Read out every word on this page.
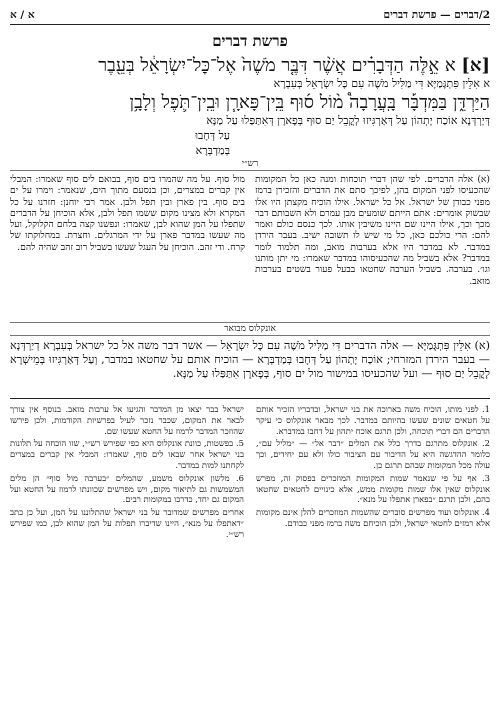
2/דברים — פרשת דברים
א / א
פרשת דברים
[א] א אֵ֣לֶּה הַדְּבָרִ֗ים אֲשֶׁ֨ר דִּבֶּ֤ר מֹשֶׁה֙ אֶל־כׇּל־יִשְׂרָאֵ֔ל בְּעֵ֖בֶר
א אִלֵּין פִּתְגָּמַיָּא דִּי מַלִּיל מֹשֶׁה עִם כָּל יִשְׂרָאֵל בְּעִבְרָא
הַיַּרְדֵּ֑ן בַּמִּדְבָּ֡ר בָּֽעֲרָבָה֩ מ֨וֹל ס֜וּף בֵּֽין־פָּארָ֧ן וּבֵֽין־תֹּ֛פֶל וְלָבָ֥ן
דְּיַרְדְּנָא אוֹכַח יָתְהוֹן עַל דְּאַרְגִּיזוּ לְקֳבֵל יַם סוּף בְּפָארָן דְּאִתַּפַּלוּ עַל מַנָּא
עַל דְּחָבוּ
בְּמַדְבְּרָא
רש״י
(א) אלה הדברים. לפי שהן דברי תוכחות ומנה כאן כל המקומות שהכעיסו לפני המקום בהן, לפיכך סתם את הדברים והזכירן ברמז מפני כבודן של ישראל. אל כל ישראל. אילו הוכיח מקצתן היו אלו שבשוק אומרים: אתם הייתם שומעים מבן עמרם ולא השבותם דבר מכך וכך, אילו היינו שם היינו משיבין אותו. לכך כנסם כולם ואמר להם: הרי כולכם כאן, כל מי שיש לו תשובה ישיב. בעבר הירדן במדבר. לא במדבר היו אלא בערבות מואב, ומה תלמוד לומר במדבר? אלא בשביל מה שהכעיסוהו במדבר שאמרו: מי יתן מותנו וגו׳. בערבה. בשביל הערבה שחטאו בבעל פעור בשטים בערבות מואב.
מול סוף. על מה שהמרו בים סוף, בבואם לים סוף שאמרו: המבלי אין קברים במצרים, וכן בנסעם מתוך הים, שנאמר: וימרו על ים בים סוף. בין פארן ובין תפל ולבן. אמר רבי יוחנן: חזרנו על כל המקרא ולא מצינו מקום ששמו תפל ולבן, אלא הוכיחן על הדברים שתפלו על המן שהוא לבן, שאמרו: ונפשנו קצה בלחם הקלוקל, ועל מה שעשו במדבר פארן על ידי המרגלים. וחצרת. במחלוקתו של קרח. ודי זהב. הוכיחן על העגל שעשו בשביל רוב זהב שהיה להם.
אונקלוס מבואר
(א) אִלֵּין פִּתְגָּמַיָּא — אלה הדברים דִּי מַלִּיל מֹשֶׁה עִם כָּל יִשְׂרָאֵל — אשר דבר משה אל כל ישראל בְּעִבְרָא דְיַרְדְּנָא — בעבר הירדן המזרחי; אוֹכַח יָתְהוֹן עַל דְּחָבוּ בְּמַדְבְּרָא — הוכיח אותם על שחטאו במדבר, וְעַל דְּאַרְגִּיזוּ בְּמֵישְׁרָא לָקֳבֵל יַם סוּף — ועל שהכעיסו במישור מול ים סוף, בְּפָארָן אִתַּפַּלוּ עַל מַנָּא.

1. לפני מותו, הוכיח משה בארוכה את בני ישראל, ובדבריו הזכיר אותם על חטאים שונים שעשו בהיותם במדבר. לכך מבאר אונקלוס כי עיקר הדברים הם דברי תוכחה, ולכן תרגם אוכח יתהון על דחבו במדברא.

2. אונקלוס מתרגם בדרך כלל את המלים ״דבר אל״ — ״מליל עם״, כלומר ההדגשה היא על הדיבור עם הציבור כולו ולא עם יחידים, וכך עולה מכל המקומות שבהם תרגם כן.

3. אף על פי שנאמר שמות המקומות המוזכרים בפסוק זה, מפרש אונקלוס שאין אלו שמות מקומות ממש, אלא כינויים לחטאים שחטאו בהם, ולכן תרגם ״בפארן אתפלו על מנא״.

4. אונקלוס ועוד מפרשים סוברים שהשמות המוזכרים להלן אינם מקומות אלא רמזים לחטאי ישראל, ולכן הוכיחם משה ברמז מפני כבודם.

ישראל בבר יצאו מן המדבר והגיעו אל ערבות מואב. בנוסף אין צורך לבאר את המקום, שכבר נזכר לעיל בפרשיות הקודמות, ולכן פירשו שהוזכר המדבר לרמוז על החטא שעשו שם.

5. בפשטות, כוונת אונקלוס היא כפי שפירש רש״י, שזו הוכחה על תלונות בני ישראל אחר שבאו לים סוף, שאמרו: המבלי אין קברים במצרים לקחתנו למות במדבר.

6. מלשון אונקלוס משמע, שהמלים ״בערבה מול סוף״ הן מלים המשמשות גם לתיאור מקום, ויש מפרשים שכוונתו לרמוז על החטא ועל המקום גם יחד, כדרכו במקומות רבים.

אחרים מפרשים שמדובר על בני ישראל שהתלוננו על המן, ועל כן כתב ״דאתפלו על מנא״, היינו שדיברו תפלות על המן שהוא לבן, כמו שפירש רש״י.
